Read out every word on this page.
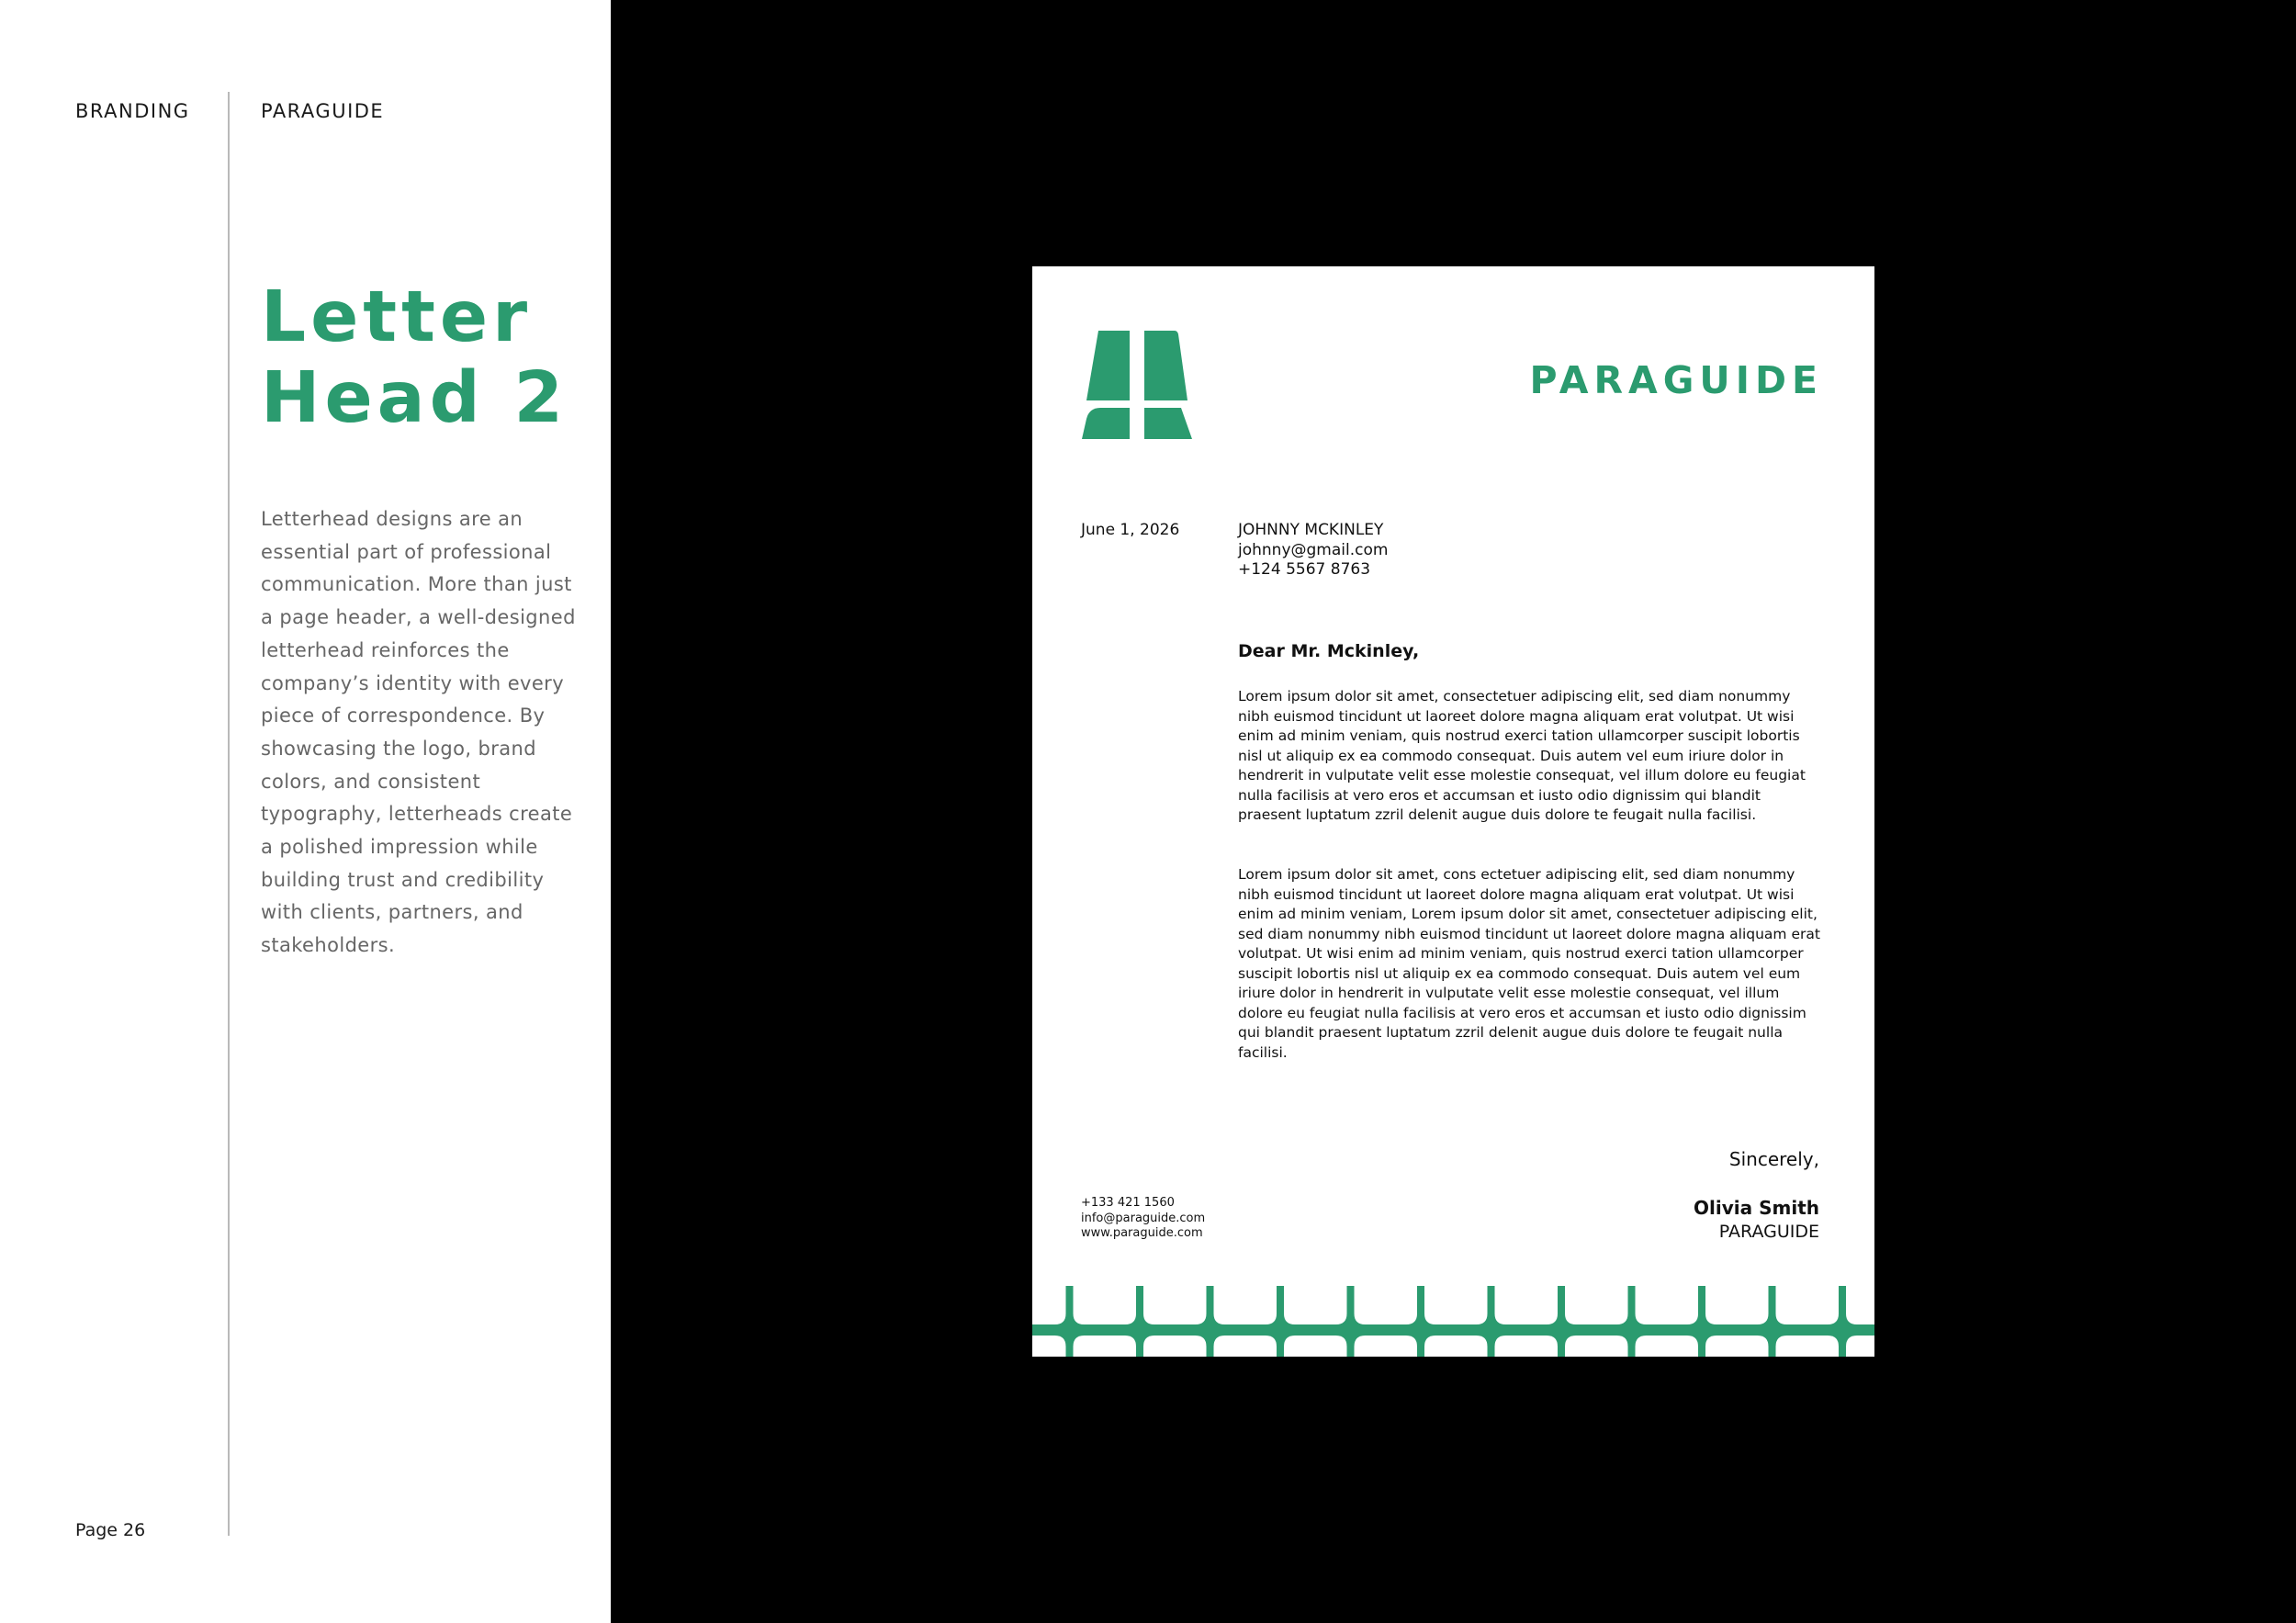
BRANDING	PARAGUIDE
Letter
Head 2

Letterhead designs are an essential part of professional communication. More than just a page header, a well-designed letterhead reinforces the company’s identity with every piece of correspondence. By showcasing the logo, brand colors, and consistent typography, letterheads create a polished impression while building trust and credibility with clients, partners, and stakeholders.

Page 26
PARAGUIDE
June 1, 2026	JOHNNY MCKINLEY
johnny@gmail.com
+124 5567 8763
Dear Mr. Mckinley,

Lorem ipsum dolor sit amet, consectetuer adipiscing elit, sed diam nonummy nibh euismod tincidunt ut laoreet dolore magna aliquam erat volutpat. Ut wisi enim ad minim veniam, quis nostrud exerci tation ullamcorper suscipit lobortis nisl ut aliquip ex ea commodo consequat. Duis autem vel eum iriure dolor in hendrerit in vulputate velit esse molestie consequat, vel illum dolore eu feugiat nulla facilisis at vero eros et accumsan et iusto odio dignissim qui blandit praesent luptatum zzril delenit augue duis dolore te feugait nulla facilisi.

Lorem ipsum dolor sit amet, cons ectetuer adipiscing elit, sed diam nonummy nibh euismod tincidunt ut laoreet dolore magna aliquam erat volutpat. Ut wisi enim ad minim veniam, Lorem ipsum dolor sit amet, consectetuer adipiscing elit, sed diam nonummy nibh euismod tincidunt ut laoreet dolore magna aliquam erat volutpat. Ut wisi enim ad minim veniam, quis nostrud exerci tation ullamcorper suscipit lobortis nisl ut aliquip ex ea commodo consequat. Duis autem vel eum iriure dolor in hendrerit in vulputate velit esse molestie consequat, vel illum dolore eu feugiat nulla facilisis at vero eros et accumsan et iusto odio dignissim qui blandit praesent luptatum zzril delenit augue duis dolore te feugait nulla facilisi.

Sincerely,
Olivia Smith
PARAGUIDE
+133 421 1560
info@paraguide.com
www.paraguide.com
